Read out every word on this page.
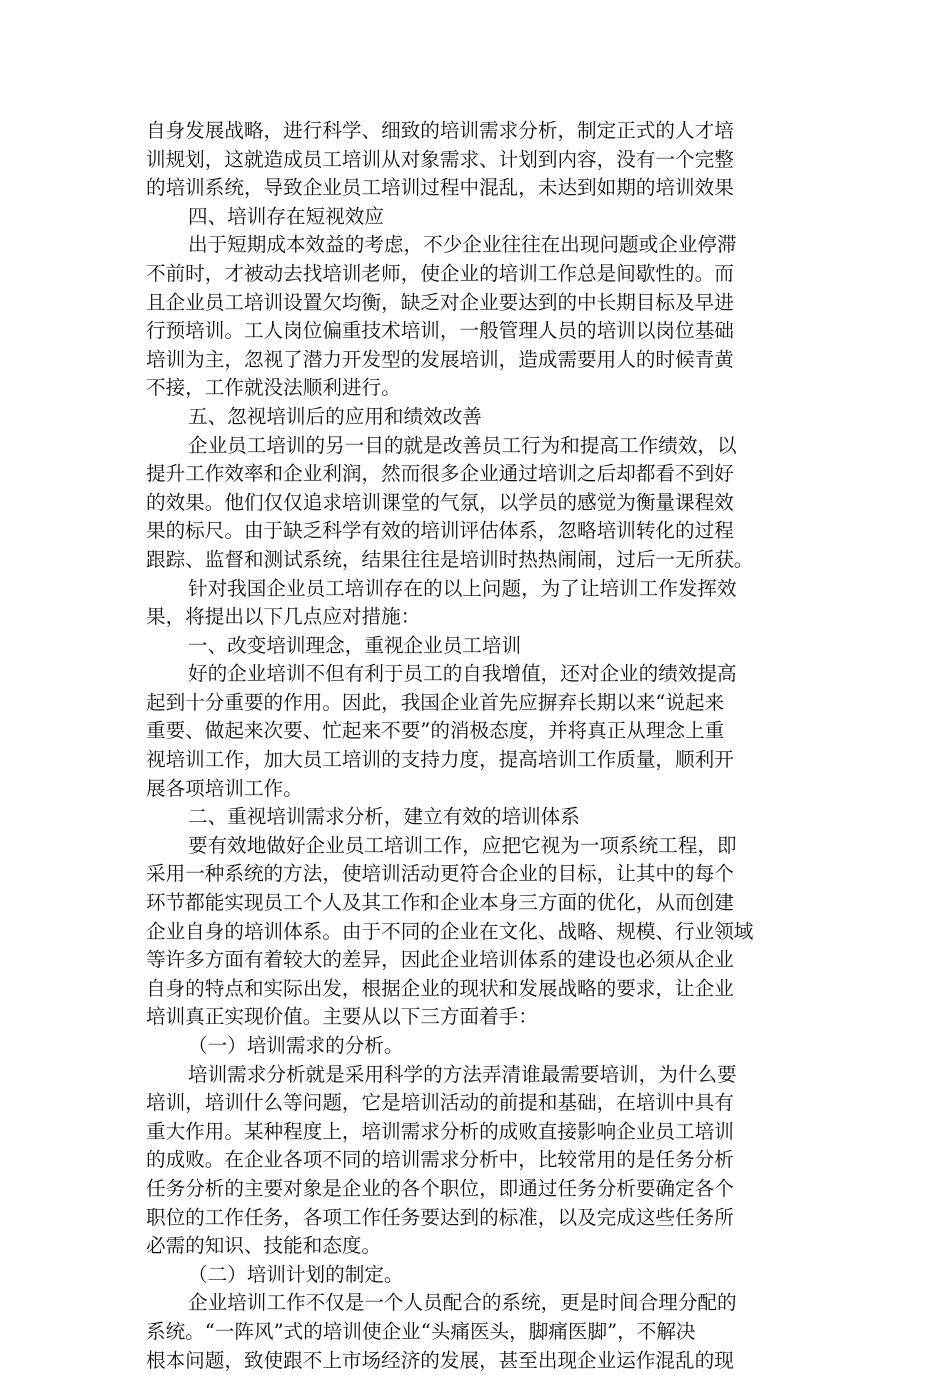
自身发展战略，进行科学、细致的培训需求分析，制定正式的人才培
训规划，这就造成员工培训从对象需求、计划到内容，没有一个完整
的培训系统，导致企业员工培训过程中混乱，未达到如期的培训效果
四、培训存在短视效应
出于短期成本效益的考虑，不少企业往往在出现问题或企业停滞
不前时，才被动去找培训老师，使企业的培训工作总是间歇性的。而
且企业员工培训设置欠均衡，缺乏对企业要达到的中长期目标及早进
行预培训。工人岗位偏重技术培训，一般管理人员的培训以岗位基础
培训为主，忽视了潜力开发型的发展培训，造成需要用人的时候青黄
不接，工作就没法顺利进行。
五、忽视培训后的应用和绩效改善
企业员工培训的另一目的就是改善员工行为和提高工作绩效，以
提升工作效率和企业利润，然而很多企业通过培训之后却都看不到好
的效果。他们仅仅追求培训课堂的气氛，以学员的感觉为衡量课程效
果的标尺。由于缺乏科学有效的培训评估体系，忽略培训转化的过程
跟踪、监督和测试系统，结果往往是培训时热热闹闹，过后一无所获。
针对我国企业员工培训存在的以上问题，为了让培训工作发挥效
果，将提出以下几点应对措施：
一、改变培训理念，重视企业员工培训
好的企业培训不但有利于员工的自我增值，还对企业的绩效提高
起到十分重要的作用。因此，我国企业首先应摒弃长期以来“说起来
重要、做起来次要、忙起来不要”的消极态度，并将真正从理念上重
视培训工作，加大员工培训的支持力度，提高培训工作质量，顺利开
展各项培训工作。
二、重视培训需求分析，建立有效的培训体系
要有效地做好企业员工培训工作，应把它视为一项系统工程，即
采用一种系统的方法，使培训活动更符合企业的目标，让其中的每个
环节都能实现员工个人及其工作和企业本身三方面的优化，从而创建
企业自身的培训体系。由于不同的企业在文化、战略、规模、行业领域
等许多方面有着较大的差异，因此企业培训体系的建设也必须从企业
自身的特点和实际出发，根据企业的现状和发展战略的要求，让企业
培训真正实现价值。主要从以下三方面着手：
（一）培训需求的分析。
培训需求分析就是采用科学的方法弄清谁最需要培训，为什么要
培训，培训什么等问题，它是培训活动的前提和基础，在培训中具有
重大作用。某种程度上，培训需求分析的成败直接影响企业员工培训
的成败。在企业各项不同的培训需求分析中，比较常用的是任务分析
任务分析的主要对象是企业的各个职位，即通过任务分析要确定各个
职位的工作任务，各项工作任务要达到的标准，以及完成这些任务所
必需的知识、技能和态度。
（二）培训计划的制定。
企业培训工作不仅是一个人员配合的系统，更是时间合理分配的
系统。“一阵风”式的培训使企业“头痛医头，脚痛医脚”，不解决
根本问题，致使跟不上市场经济的发展，甚至出现企业运作混乱的现
